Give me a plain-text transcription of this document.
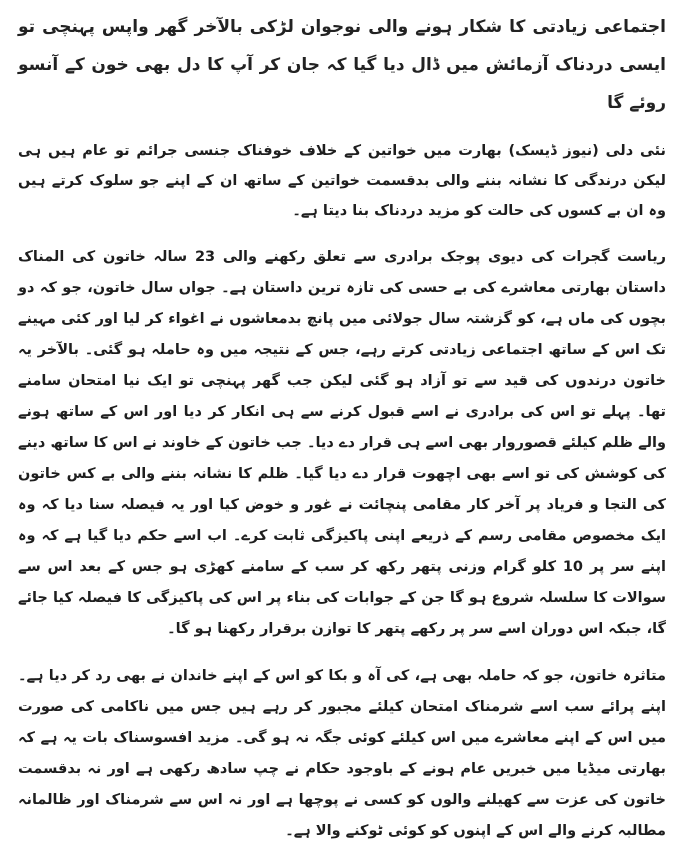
اجتماعی زیادتی کا شکار ہونے والی نوجوان لڑکی بالآخر گھر واپس پہنچی تو ایسی دردناک آزمائش میں ڈال دیا گیا کہ جان کر آپ کا دل بھی خون کے آنسو روئے گا

نئی دلی (نیوز ڈیسک) بھارت میں خواتین کے خلاف خوفناک جنسی جرائم تو عام ہیں ہی لیکن درندگی کا نشانہ بننے والی بدقسمت خواتین کے ساتھ ان کے اپنے جو سلوک کرتے ہیں وہ ان بے کسوں کی حالت کو مزید دردناک بنا دیتا ہے۔

ریاست گجرات کی دیوی پوجک برادری سے تعلق رکھنے والی 23 سالہ خاتون کی المناک داستان بھارتی معاشرے کی بے حسی کی تازہ ترین داستان ہے۔ جواں سال خاتون، جو کہ دو بچوں کی ماں ہے، کو گزشتہ سال جولائی میں پانچ بدمعاشوں نے اغواء کر لیا اور کئی مہینے تک اس کے ساتھ اجتماعی زیادتی کرتے رہے، جس کے نتیجہ میں وہ حاملہ ہو گئی۔ بالآخر یہ خاتون درندوں کی قید سے تو آزاد ہو گئی لیکن جب گھر پہنچی تو ایک نیا امتحان سامنے تھا۔ پہلے تو اس کی برادری نے اسے قبول کرنے سے ہی انکار کر دیا اور اس کے ساتھ ہونے والے ظلم کیلئے قصوروار بھی اسے ہی قرار دے دیا۔ جب خاتون کے خاوند نے اس کا ساتھ دینے کی کوشش کی تو اسے بھی اچھوت قرار دے دیا گیا۔ ظلم کا نشانہ بننے والی بے کس خاتون کی التجا و فریاد پر آخر کار مقامی پنچائت نے غور و خوض کیا اور یہ فیصلہ سنا دیا کہ وہ ایک مخصوص مقامی رسم کے ذریعے اپنی پاکیزگی ثابت کرے۔ اب اسے حکم دیا گیا ہے کہ وہ اپنے سر پر 10 کلو گرام وزنی پتھر رکھ کر سب کے سامنے کھڑی ہو جس کے بعد اس سے سوالات کا سلسلہ شروع ہو گا جن کے جوابات کی بناء پر اس کی پاکیزگی کا فیصلہ کیا جائے گا، جبکہ اس دوران اسے سر پر رکھے پتھر کا توازن برقرار رکھنا ہو گا۔

متاثرہ خاتون، جو کہ حاملہ بھی ہے، کی آہ و بکا کو اس کے اپنے خاندان نے بھی رد کر دیا ہے۔ اپنے پرائے سب اسے شرمناک امتحان کیلئے مجبور کر رہے ہیں جس میں ناکامی کی صورت میں اس کے اپنے معاشرے میں اس کیلئے کوئی جگہ نہ ہو گی۔ مزید افسوسناک بات یہ ہے کہ بھارتی میڈیا میں خبریں عام ہونے کے باوجود حکام نے چپ سادھ رکھی ہے اور نہ بدقسمت خاتون کی عزت سے کھیلنے والوں کو کسی نے پوچھا ہے اور نہ اس سے شرمناک اور ظالمانہ مطالبہ کرنے والے اس کے اپنوں کو کوئی ٹوکنے والا ہے۔
